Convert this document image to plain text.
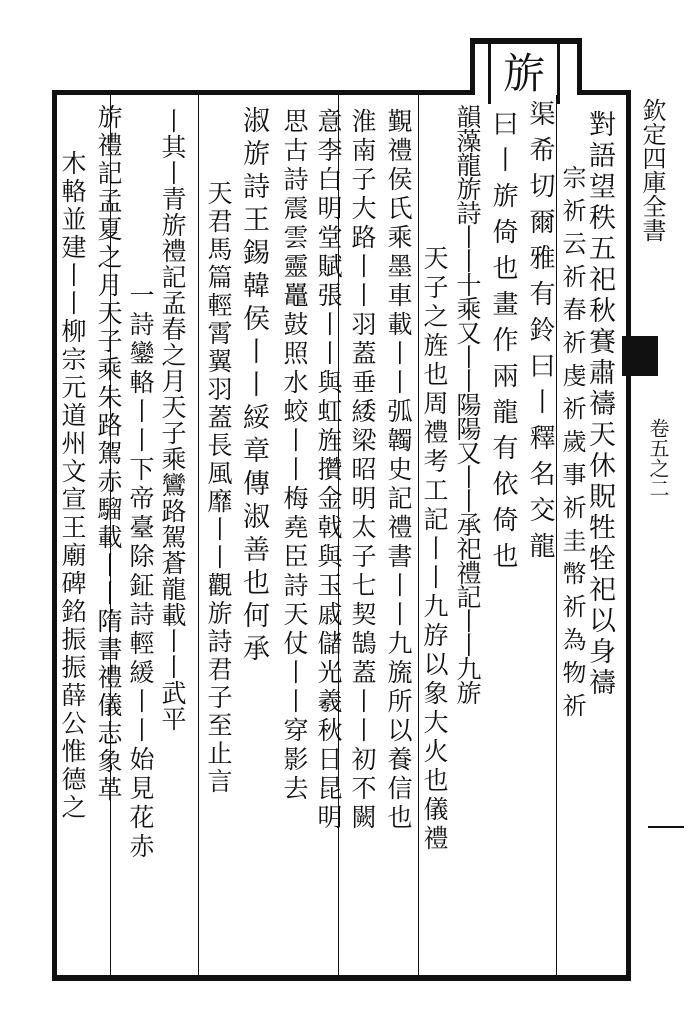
旂
欽定四庫全書
卷五之二
對語望秩五祀秋賽肅禱天休貺牲牷祀以身禱
宗祈云祈春祈虔祈歲事祈圭幣祈為物祈
渠希切爾雅有鈴曰丨釋名交龍
曰丨旂倚也畫作兩龍有依倚也
韻藻龍旂詩丨丨十乘又丨丨陽陽又丨丨承祀禮記丨丨九旂
天子之旌也周禮考工記丨丨九斿以象大火也儀禮
覲禮侯氏乘墨車載丨丨弧韣史記禮書丨丨九旒所以養信也
淮南子大路丨丨羽蓋垂緌梁昭明太子七契鵠蓋丨丨初不闕
意李白明堂賦張丨丨與虹旌攢金戟與玉戚儲光羲秋日昆明
思古詩震雲靈鼉鼓照水蛟丨丨梅堯臣詩天仗丨丨穿影去
淑旂詩王錫韓侯丨丨綏章傳淑善也何承
天君馬篇輕霄翼羽蓋長風靡丨丨觀旂詩君子至止言
丨其丨青旂禮記孟春之月天子乘鸞路駕蒼龍載丨丨武平
一詩鑾輅丨丨下帝臺除鉦詩輕緩丨丨始見花赤
旂禮記孟夏之月天子乘朱路駕赤騮載丨丨隋書禮儀志象革
木輅並建丨丨柳宗元道州文宣王廟碑銘振振薛公惟德之
